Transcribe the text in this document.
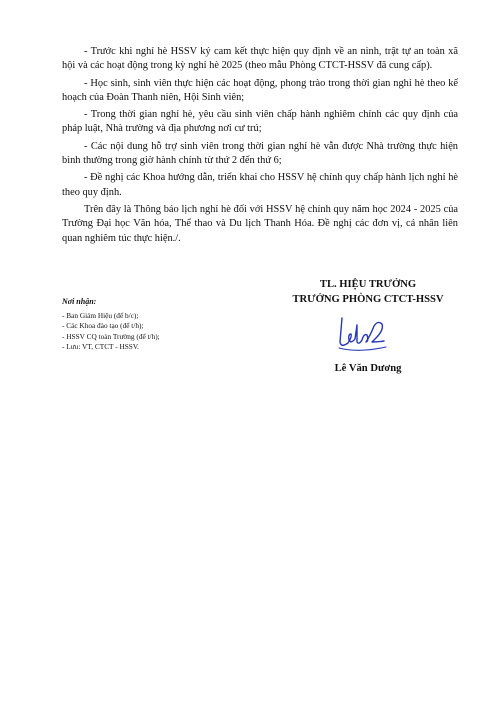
- Trước khi nghỉ hè HSSV ký cam kết thực hiện quy định về an ninh, trật tự an toàn xã hội và các hoạt động trong kỳ nghỉ hè 2025 (theo mẫu Phòng CTCT-HSSV đã cung cấp).

- Học sinh, sinh viên thực hiện các hoạt động, phong trào trong thời gian nghỉ hè theo kế hoạch của Đoàn Thanh niên, Hội Sinh viên;

- Trong thời gian nghỉ hè, yêu cầu sinh viên chấp hành nghiêm chỉnh các quy định của pháp luật, Nhà trường và địa phương nơi cư trú;

- Các nội dung hỗ trợ sinh viên trong thời gian nghỉ hè vẫn được Nhà trường thực hiện bình thường trong giờ hành chính từ thứ 2 đến thứ 6;

- Đề nghị các Khoa hướng dẫn, triển khai cho HSSV hệ chính quy chấp hành lịch nghỉ hè theo quy định.

Trên đây là Thông báo lịch nghỉ hè đối với HSSV hệ chính quy năm học 2024 - 2025 của Trường Đại học Văn hóa, Thể thao và Du lịch Thanh Hóa. Đề nghị các đơn vị, cá nhân liên quan nghiêm túc thực hiện./.

TL. HIỆU TRƯỞNG
TRƯỞNG PHÒNG CTCT-HSSV
Lê Văn Dương
Nơi nhận:
- Ban Giám Hiệu (để b/c);
- Các Khoa đào tạo (để t/h);
- HSSV CQ toàn Trường (để t/h);
- Lưu: VT, CTCT - HSSV.
